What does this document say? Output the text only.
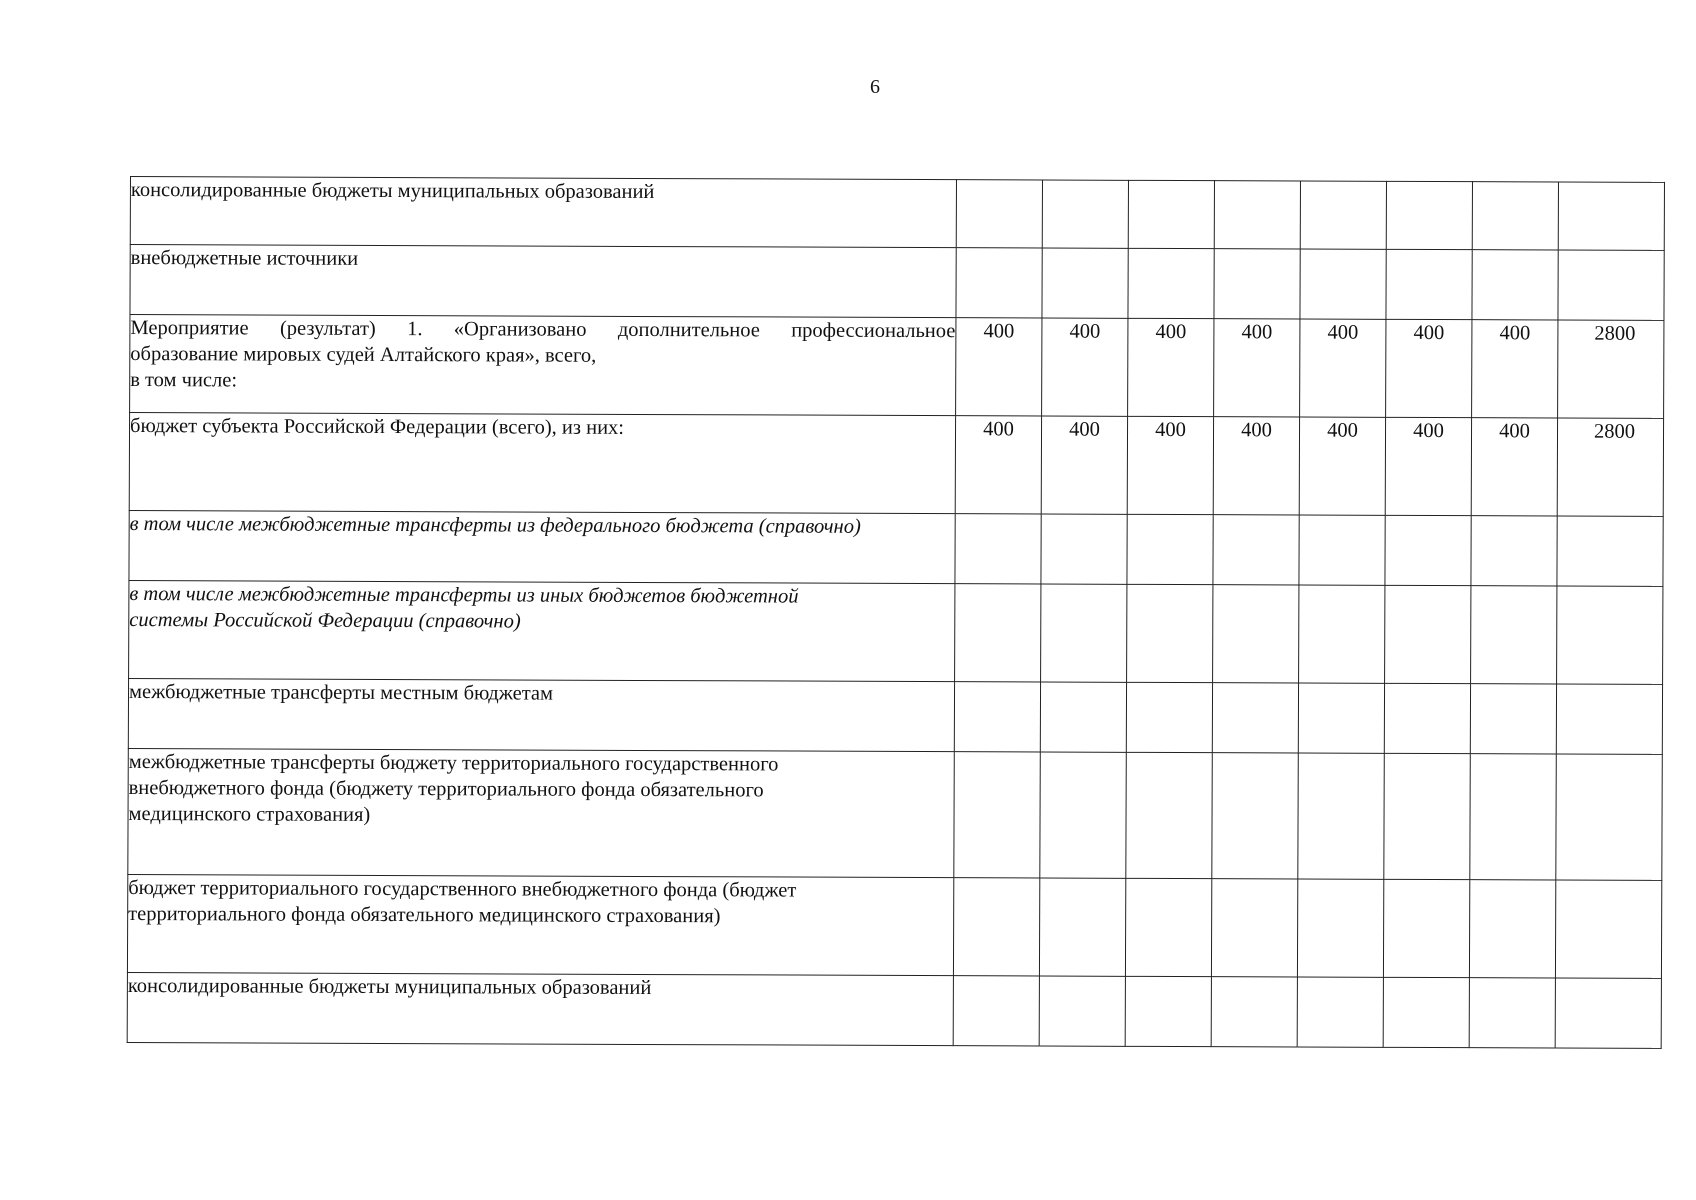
6
консолидированные бюджеты муниципальных образований								
внебюджетные источники								

Мероприятие (результат) 1. «Организовано дополнительное профессиональное
образование мировых судей Алтайского края», всего,
в том числе:	400	400	400	400	400	400	400	2800
бюджет субъекта Российской Федерации (всего), из них:	400	400	400	400	400	400	400	2800
в том числе межбюджетные трансферты из федерального бюджета (справочно)								
в том числе межбюджетные трансферты из иных бюджетов бюджетной
системы Российской Федерации (справочно)								
межбюджетные трансферты местным бюджетам								
межбюджетные трансферты бюджету территориального государственного
внебюджетного фонда (бюджету территориального фонда обязательного
медицинского страхования)								
бюджет территориального государственного внебюджетного фонда (бюджет
территориального фонда обязательного медицинского страхования)								
консолидированные бюджеты муниципальных образований								
